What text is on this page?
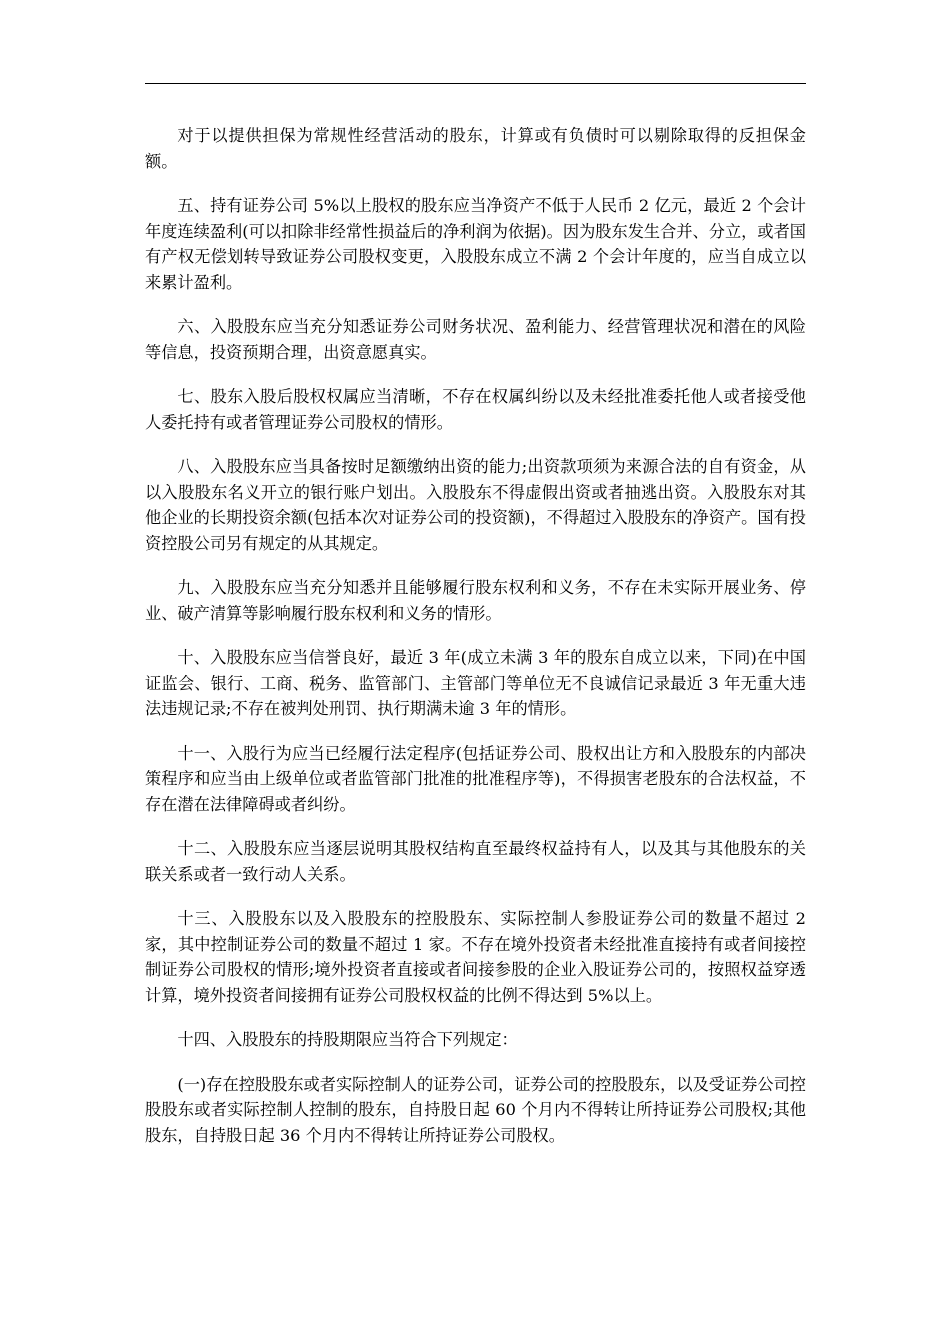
对于以提供担保为常规性经营活动的股东，计算或有负债时可以剔除取得的反担保金额。

五、持有证券公司 5%以上股权的股东应当净资产不低于人民币 2 亿元，最近 2 个会计年度连续盈利(可以扣除非经常性损益后的净利润为依据)。因为股东发生合并、分立，或者国有产权无偿划转导致证券公司股权变更，入股股东成立不满 2 个会计年度的，应当自成立以来累计盈利。

六、入股股东应当充分知悉证券公司财务状况、盈利能力、经营管理状况和潜在的风险等信息，投资预期合理，出资意愿真实。

七、股东入股后股权权属应当清晰，不存在权属纠纷以及未经批准委托他人或者接受他人委托持有或者管理证券公司股权的情形。

八、入股股东应当具备按时足额缴纳出资的能力;出资款项须为来源合法的自有资金，从以入股股东名义开立的银行账户划出。入股股东不得虚假出资或者抽逃出资。入股股东对其他企业的长期投资余额(包括本次对证券公司的投资额)，不得超过入股股东的净资产。国有投资控股公司另有规定的从其规定。

九、入股股东应当充分知悉并且能够履行股东权利和义务，不存在未实际开展业务、停业、破产清算等影响履行股东权利和义务的情形。

十、入股股东应当信誉良好，最近 3 年(成立未满 3 年的股东自成立以来，下同)在中国证监会、银行、工商、税务、监管部门、主管部门等单位无不良诚信记录最近 3 年无重大违法违规记录;不存在被判处刑罚、执行期满未逾 3 年的情形。

十一、入股行为应当已经履行法定程序(包括证券公司、股权出让方和入股股东的内部决策程序和应当由上级单位或者监管部门批准的批准程序等)，不得损害老股东的合法权益，不存在潜在法律障碍或者纠纷。

十二、入股股东应当逐层说明其股权结构直至最终权益持有人，以及其与其他股东的关联关系或者一致行动人关系。

十三、入股股东以及入股股东的控股股东、实际控制人参股证券公司的数量不超过 2 家，其中控制证券公司的数量不超过 1 家。不存在境外投资者未经批准直接持有或者间接控制证券公司股权的情形;境外投资者直接或者间接参股的企业入股证券公司的，按照权益穿透计算，境外投资者间接拥有证券公司股权权益的比例不得达到 5%以上。

十四、入股股东的持股期限应当符合下列规定：

(一)存在控股股东或者实际控制人的证券公司，证券公司的控股股东，以及受证券公司控股股东或者实际控制人控制的股东，自持股日起 60 个月内不得转让所持证券公司股权;其他股东，自持股日起 36 个月内不得转让所持证券公司股权。
